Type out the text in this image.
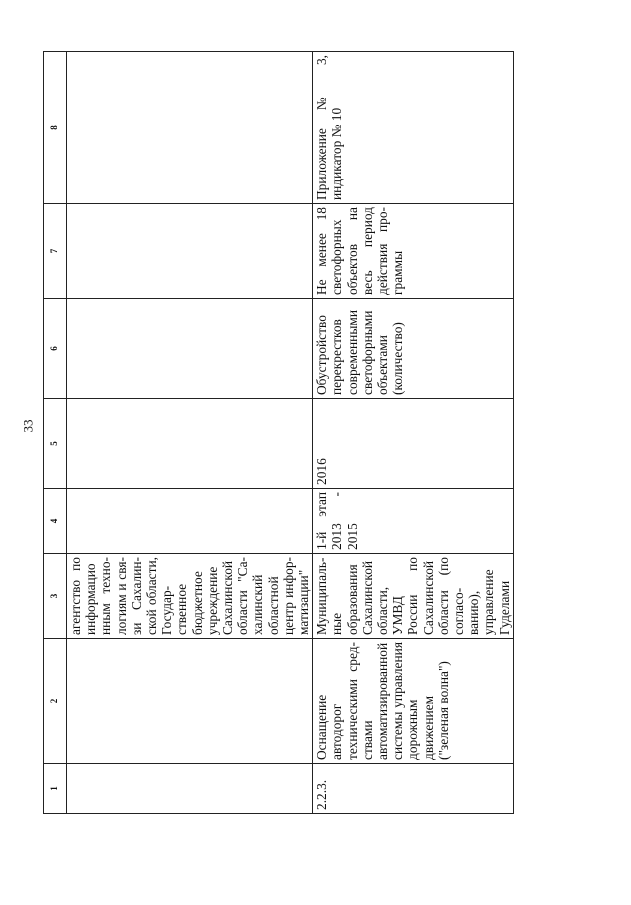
33
1	2	3	4	5	6	7	8
		агентство по информационным технологиям и связи Сахалинской области, Государственное бюджетное учреждение Сахалинской области "Сахалинский областной центр информатизации"					
2.2.3.	Оснащение автодорог техническими средствами автоматизированной системы управления дорожным движением ("зеленая волна")	Муниципальные образования Сахалинской области, УМВД России по Сахалинской области (по согласованию), управление Гуделами	1-й этап 2013 - 2015	2016	Обустройство перекрестков современными светофорными объектами (количество)	Не менее 18 светофорных объектов на весь период действия программы	Приложение № 3, индикатор № 10
